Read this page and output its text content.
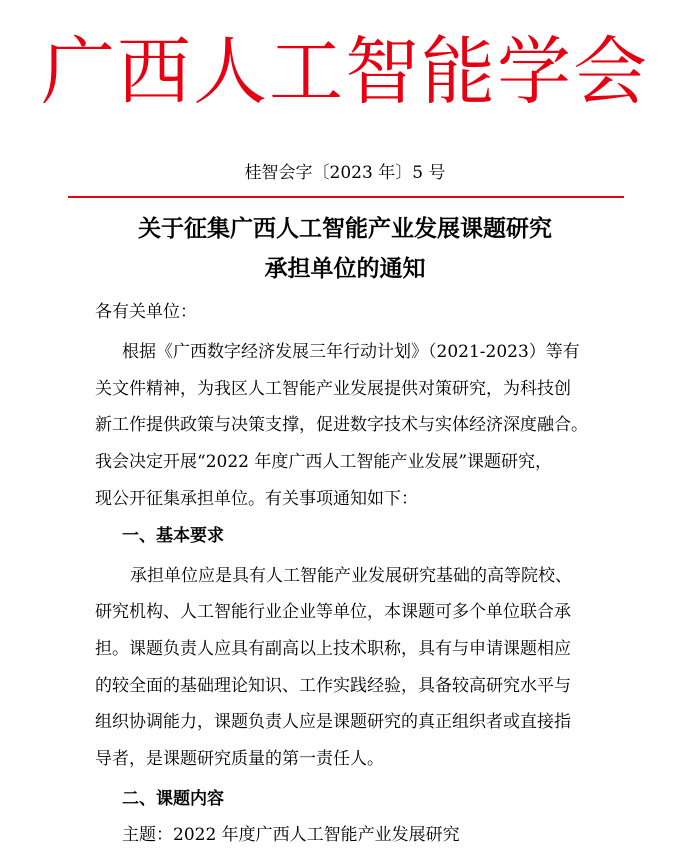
广西人工智能学会
桂智会字〔2023 年〕5 号
关于征集广西人工智能产业发展课题研究
承担单位的通知
各有关单位：
根据《广西数字经济发展三年行动计划》（2021-2023）等有
关文件精神，为我区人工智能产业发展提供对策研究，为科技创
新工作提供政策与决策支撑，促进数字技术与实体经济深度融合。
我会决定开展“2022 年度广西人工智能产业发展”课题研究，
现公开征集承担单位。有关事项通知如下：
一、基本要求
承担单位应是具有人工智能产业发展研究基础的高等院校、
研究机构、人工智能行业企业等单位，本课题可多个单位联合承
担。课题负责人应具有副高以上技术职称，具有与申请课题相应
的较全面的基础理论知识、工作实践经验，具备较高研究水平与
组织协调能力，课题负责人应是课题研究的真正组织者或直接指
导者，是课题研究质量的第一责任人。
二、课题内容
主题：2022 年度广西人工智能产业发展研究
